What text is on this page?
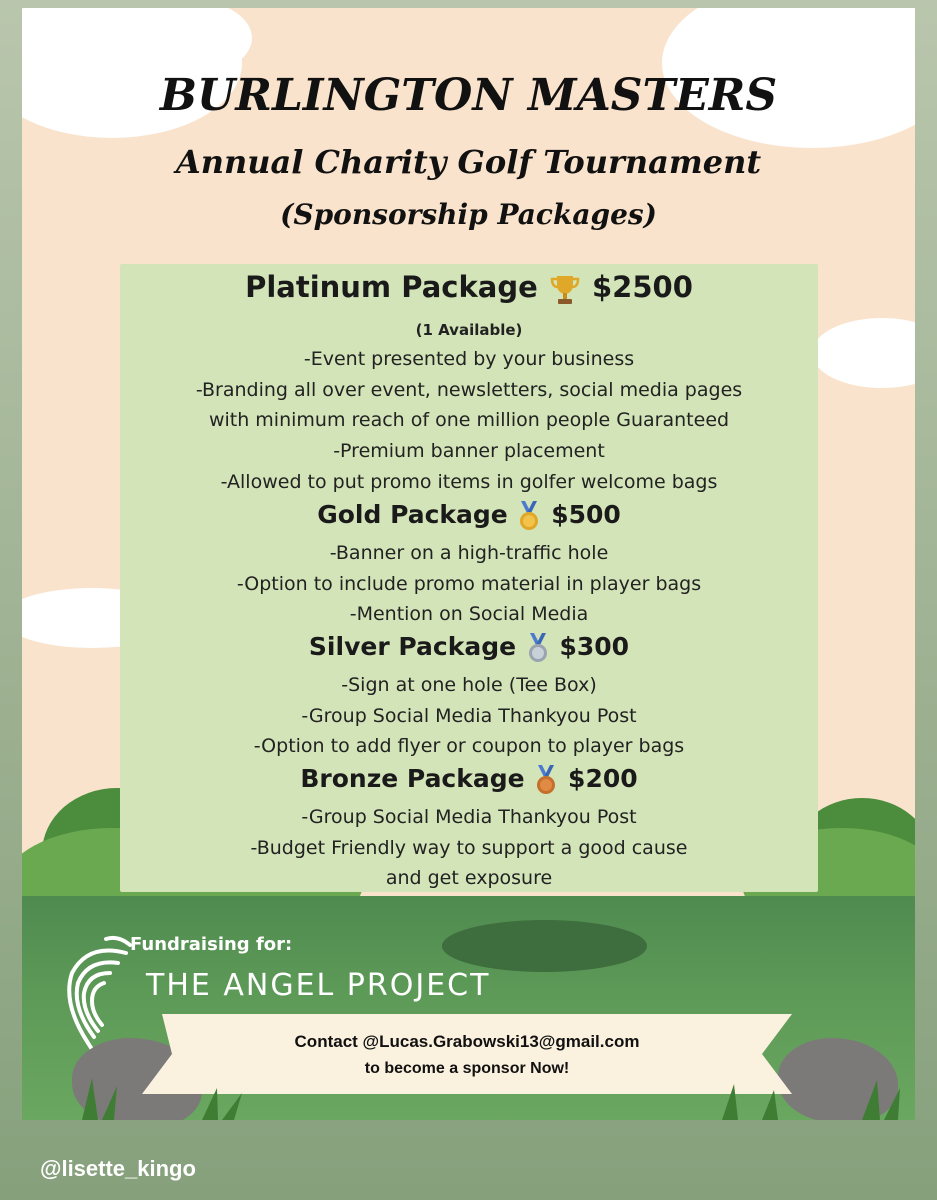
BURLINGTON MASTERS
Annual Charity Golf Tournament
(Sponsorship Packages)
Platinum Package $2500
(1 Available)
-Event presented by your business
-Branding all over event, newsletters, social media pages
with minimum reach of one million people Guaranteed
-Premium banner placement
-Allowed to put promo items in golfer welcome bags
Gold Package $500
-Banner on a high-traffic hole
-Option to include promo material in player bags
-Mention on Social Media
Silver Package $300
-Sign at one hole (Tee Box)
-Group Social Media Thankyou Post
-Option to add flyer or coupon to player bags
Bronze Package $200
-Group Social Media Thankyou Post
-Budget Friendly way to support a good cause
and get exposure
Fundraising for:
THE ANGEL PROJECT
Contact @Lucas.Grabowski13@gmail.com
to become a sponsor Now!
@lisette_kingo
